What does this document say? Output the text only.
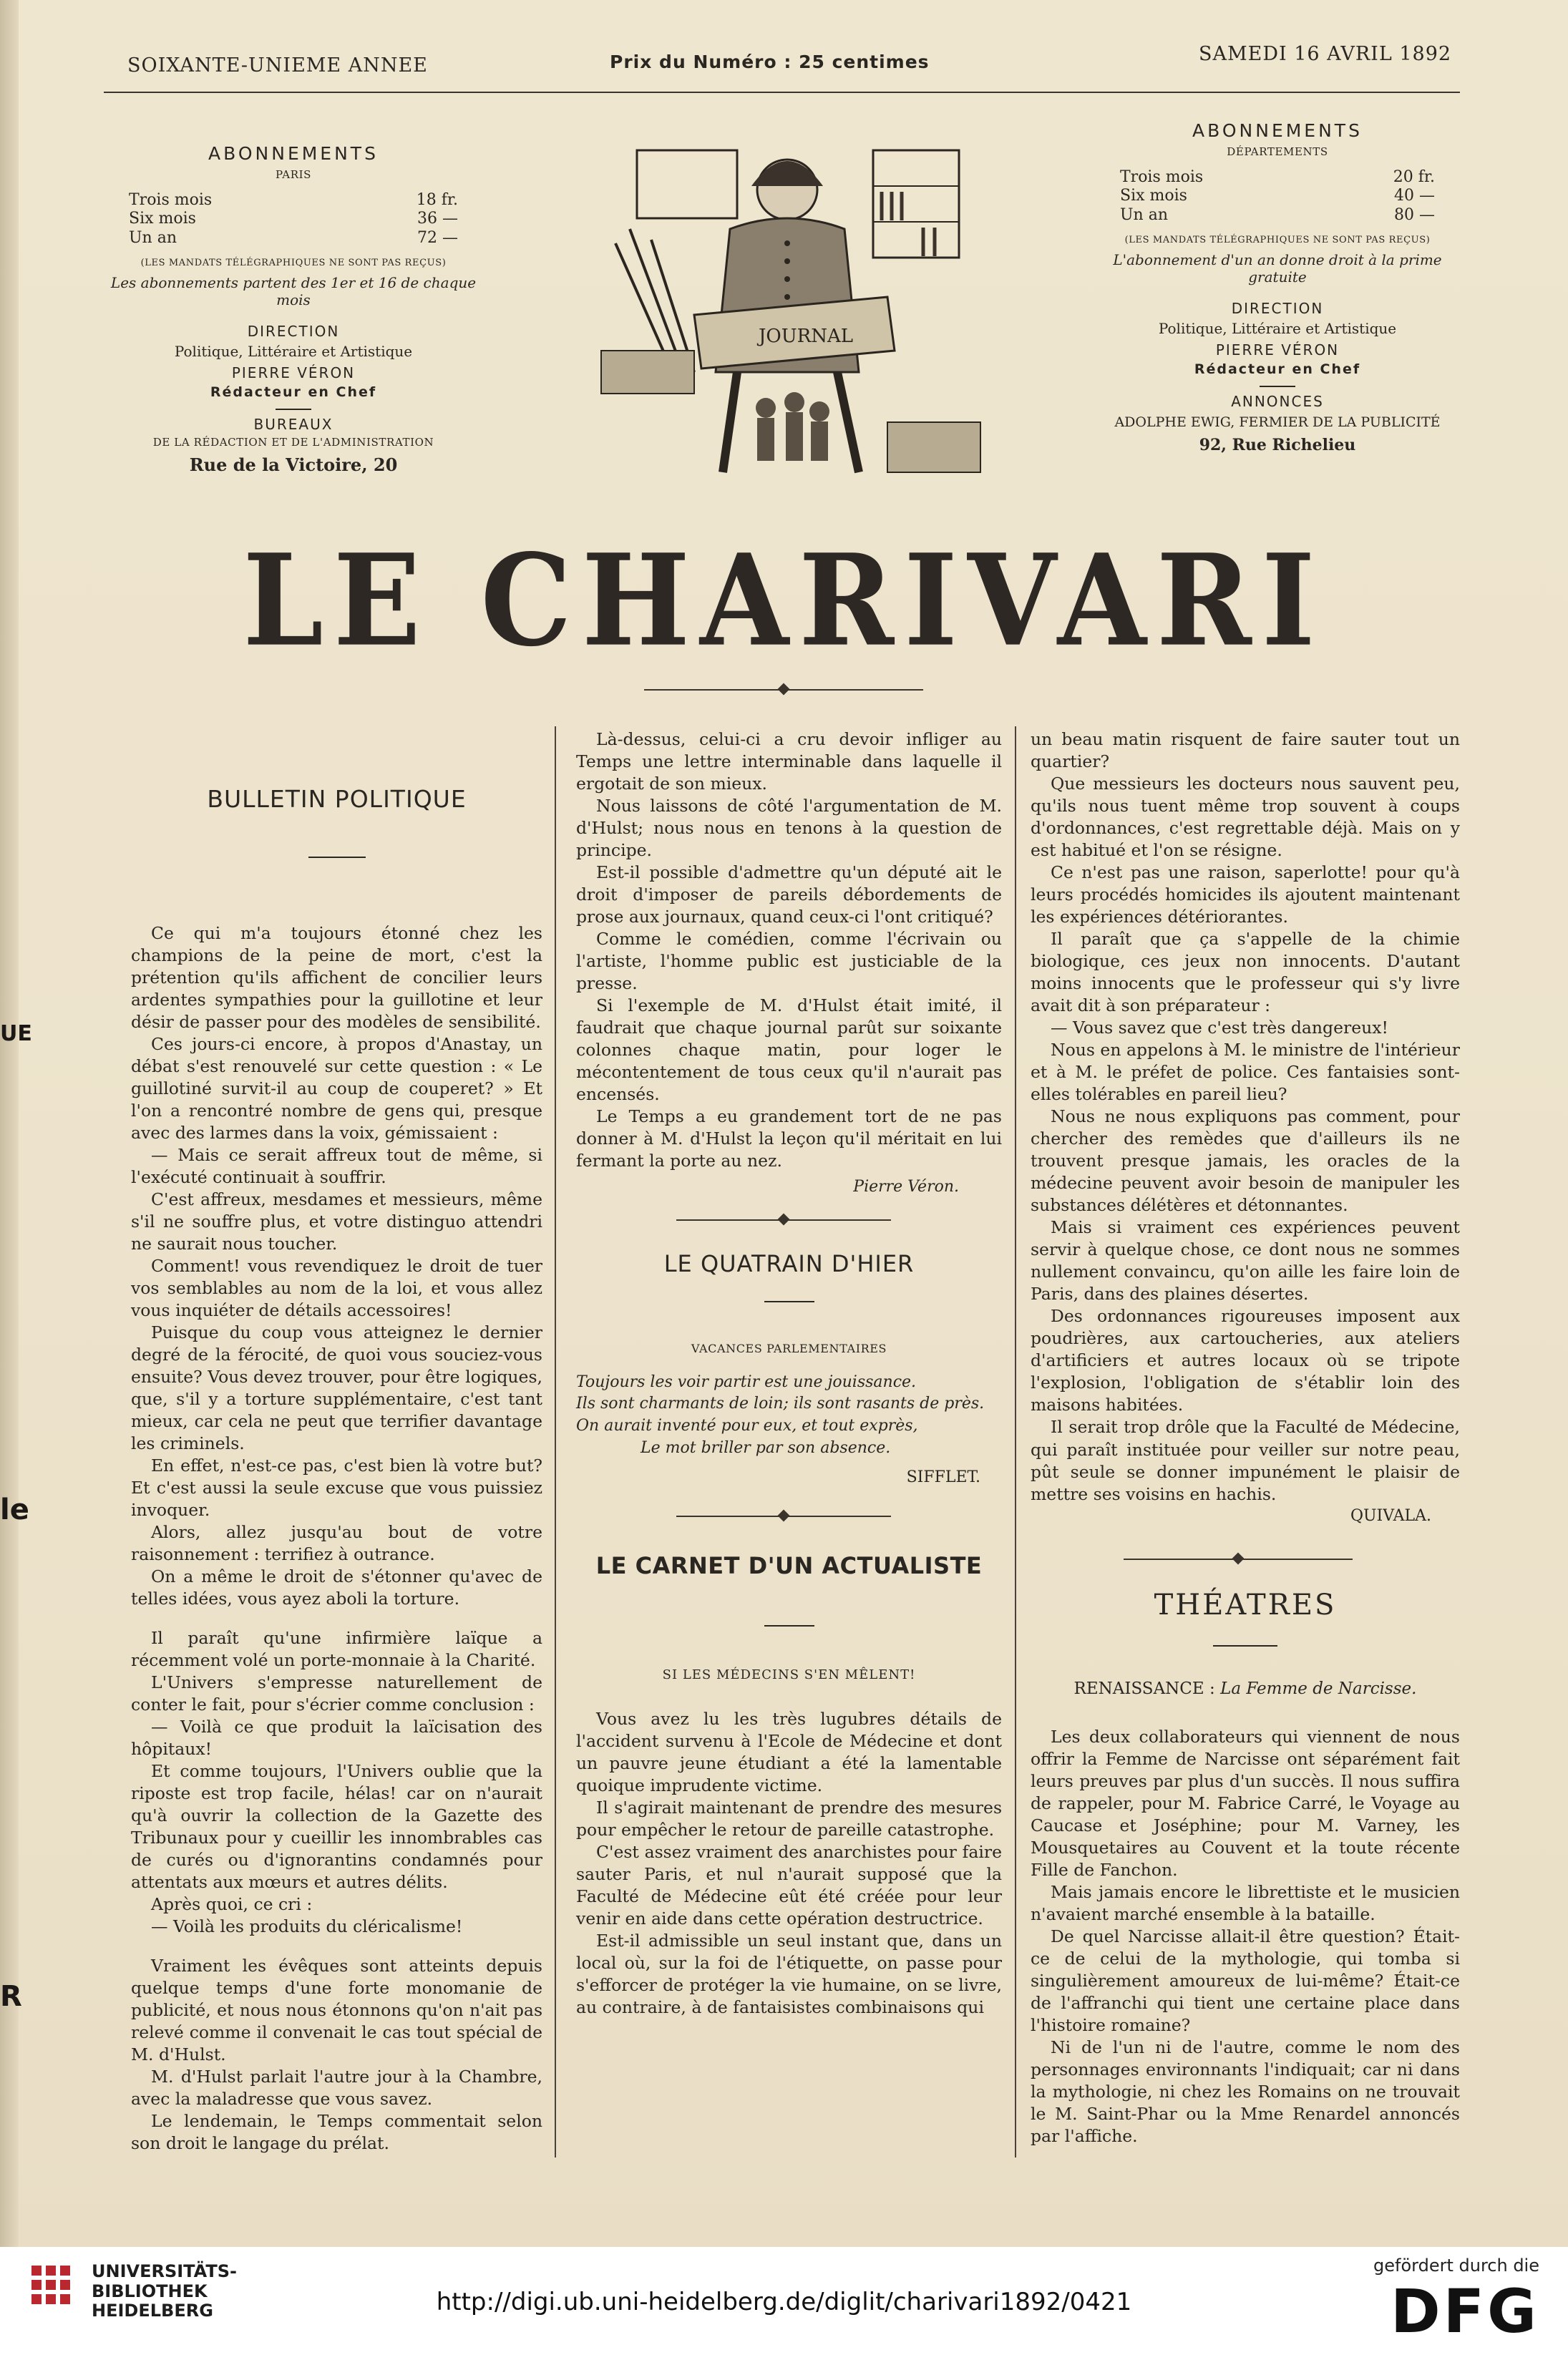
UE
le
R
SOIXANTE-UNIEME ANNEE	Prix du Numéro : 25 centimes	SAMEDI 16 AVRIL 1892
ABONNEMENTS
PARIS
Trois mois	18 fr.
Six mois	36 —
Un an	72 —
(LES MANDATS TÉLÉGRAPHIQUES NE SONT PAS REÇUS)
Les abonnements partent des 1er et 16 de chaque mois
DIRECTION
Politique, Littéraire et Artistique
PIERRE VÉRON
Rédacteur en Chef
BUREAUX
DE LA RÉDACTION ET DE L'ADMINISTRATION
Rue de la Victoire, 20
JOURNAL
ABONNEMENTS
DÉPARTEMENTS
Trois mois	20 fr.
Six mois	40 —
Un an	80 —
(LES MANDATS TÉLÉGRAPHIQUES NE SONT PAS REÇUS)
L'abonnement d'un an donne droit à la prime gratuite
DIRECTION
Politique, Littéraire et Artistique
PIERRE VÉRON
Rédacteur en Chef
ANNONCES
ADOLPHE EWIG, FERMIER DE LA PUBLICITÉ
92, Rue Richelieu
LE CHARIVARI
BULLETIN POLITIQUE

Ce qui m'a toujours étonné chez les champions de la peine de mort, c'est la prétention qu'ils affichent de concilier leurs ardentes sympathies pour la guillotine et leur désir de passer pour des modèles de sensibilité.

Ces jours-ci encore, à propos d'Anastay, un débat s'est renouvelé sur cette question : « Le guillotiné survit-il au coup de couperet? » Et l'on a rencontré nombre de gens qui, presque avec des larmes dans la voix, gémissaient :

— Mais ce serait affreux tout de même, si l'exécuté continuait à souffrir.

C'est affreux, mesdames et messieurs, même s'il ne souffre plus, et votre distinguo attendri ne saurait nous toucher.

Comment! vous revendiquez le droit de tuer vos semblables au nom de la loi, et vous allez vous inquiéter de détails accessoires!

Puisque du coup vous atteignez le dernier degré de la férocité, de quoi vous souciez-vous ensuite? Vous devez trouver, pour être logiques, que, s'il y a torture supplémentaire, c'est tant mieux, car cela ne peut que terrifier davantage les criminels.

En effet, n'est-ce pas, c'est bien là votre but? Et c'est aussi la seule excuse que vous puissiez invoquer.

Alors, allez jusqu'au bout de votre raisonnement : terrifiez à outrance.

On a même le droit de s'étonner qu'avec de telles idées, vous ayez aboli la torture.

Il paraît qu'une infirmière laïque a récemment volé un porte-monnaie à la Charité.

L'Univers s'empresse naturellement de conter le fait, pour s'écrier comme conclusion :

— Voilà ce que produit la laïcisation des hôpitaux!

Et comme toujours, l'Univers oublie que la riposte est trop facile, hélas! car on n'aurait qu'à ouvrir la collection de la Gazette des Tribunaux pour y cueillir les innombrables cas de curés ou d'ignorantins condamnés pour attentats aux mœurs et autres délits.

Après quoi, ce cri :

— Voilà les produits du cléricalisme!

Vraiment les évêques sont atteints depuis quelque temps d'une forte monomanie de publicité, et nous nous étonnons qu'on n'ait pas relevé comme il convenait le cas tout spécial de M. d'Hulst.

M. d'Hulst parlait l'autre jour à la Chambre, avec la maladresse que vous savez.

Le lendemain, le Temps commentait selon son droit le langage du prélat.

Là-dessus, celui-ci a cru devoir infliger au Temps une lettre interminable dans laquelle il ergotait de son mieux.

Nous laissons de côté l'argumentation de M. d'Hulst; nous nous en tenons à la question de principe.

Est-il possible d'admettre qu'un député ait le droit d'imposer de pareils débordements de prose aux journaux, quand ceux-ci l'ont critiqué?

Comme le comédien, comme l'écrivain ou l'artiste, l'homme public est justiciable de la presse.

Si l'exemple de M. d'Hulst était imité, il faudrait que chaque journal parût sur soixante colonnes chaque matin, pour loger le mécontentement de tous ceux qu'il n'aurait pas encensés.

Le Temps a eu grandement tort de ne pas donner à M. d'Hulst la leçon qu'il méritait en lui fermant la porte au nez.

Pierre Véron.
LE QUATRAIN D'HIER
VACANCES PARLEMENTAIRES
Toujours les voir partir est une jouissance.
Ils sont charmants de loin; ils sont rasants de près.
On aurait inventé pour eux, et tout exprès,
Le mot briller par son absence.
SIFFLET.
LE CARNET D'UN ACTUALISTE
SI LES MÉDECINS S'EN MÊLENT!

Vous avez lu les très lugubres détails de l'accident survenu à l'Ecole de Médecine et dont un pauvre jeune étudiant a été la lamentable quoique imprudente victime.

Il s'agirait maintenant de prendre des mesures pour empêcher le retour de pareille catastrophe.

C'est assez vraiment des anarchistes pour faire sauter Paris, et nul n'aurait supposé que la Faculté de Médecine eût été créée pour leur venir en aide dans cette opération destructrice.

Est-il admissible un seul instant que, dans un local où, sur la foi de l'étiquette, on passe pour s'efforcer de protéger la vie humaine, on se livre, au contraire, à de fantaisistes combinaisons qui

un beau matin risquent de faire sauter tout un quartier?

Que messieurs les docteurs nous sauvent peu, qu'ils nous tuent même trop souvent à coups d'ordonnances, c'est regrettable déjà. Mais on y est habitué et l'on se résigne.

Ce n'est pas une raison, saperlotte! pour qu'à leurs procédés homicides ils ajoutent maintenant les expériences détériorantes.

Il paraît que ça s'appelle de la chimie biologique, ces jeux non innocents. D'autant moins innocents que le professeur qui s'y livre avait dit à son préparateur :

— Vous savez que c'est très dangereux!

Nous en appelons à M. le ministre de l'intérieur et à M. le préfet de police. Ces fantaisies sont-elles tolérables en pareil lieu?

Nous ne nous expliquons pas comment, pour chercher des remèdes que d'ailleurs ils ne trouvent presque jamais, les oracles de la médecine peuvent avoir besoin de manipuler les substances délétères et détonnantes.

Mais si vraiment ces expériences peuvent servir à quelque chose, ce dont nous ne sommes nullement convaincu, qu'on aille les faire loin de Paris, dans des plaines désertes.

Des ordonnances rigoureuses imposent aux poudrières, aux cartoucheries, aux ateliers d'artificiers et autres locaux où se tripote l'explosion, l'obligation de s'établir loin des maisons habitées.

Il serait trop drôle que la Faculté de Médecine, qui paraît instituée pour veiller sur notre peau, pût seule se donner impunément le plaisir de mettre ses voisins en hachis.

QUIVALA.
THÉATRES
RENAISSANCE : La Femme de Narcisse.

Les deux collaborateurs qui viennent de nous offrir la Femme de Narcisse ont séparément fait leurs preuves par plus d'un succès. Il nous suffira de rappeler, pour M. Fabrice Carré, le Voyage au Caucase et Joséphine; pour M. Varney, les Mousquetaires au Couvent et la toute récente Fille de Fanchon.

Mais jamais encore le librettiste et le musicien n'avaient marché ensemble à la bataille.

De quel Narcisse allait-il être question? Était-ce de celui de la mythologie, qui tomba si singulièrement amoureux de lui-même? Était-ce de l'affranchi qui tient une certaine place dans l'histoire romaine?

Ni de l'un ni de l'autre, comme le nom des personnages environnants l'indiquait; car ni dans la mythologie, ni chez les Romains on ne trouvait le M. Saint-Phar ou la Mme Renardel annoncés par l'affiche.

UNIVERSITÄTS-
BIBLIOTHEK
HEIDELBERG	http://digi.ub.uni-heidelberg.de/diglit/charivari1892/0421
gefördert durch die
DFG
